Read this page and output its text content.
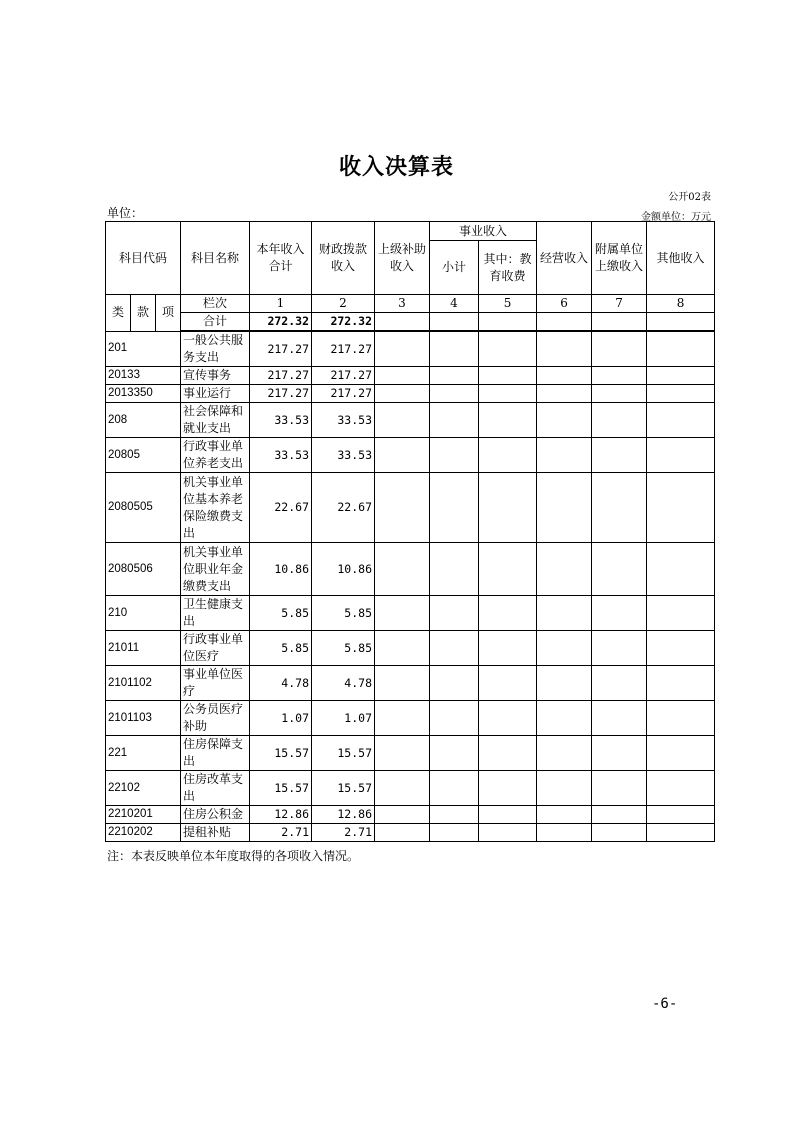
收入决算表
公开02表
单位：	金额单位：万元
科目代码			科目名称	本年收入合计	财政拨款收入	上级补助收入	事业收入		经营收入	附属单位上缴收入	其他收入
							小计	其中：教育收费			
类	款	项	栏次	1	2	3	4	5	6	7	8
			合计	272.32	272.32						
201			一般公共服务支出	217.27	217.27						
20133			宣传事务	217.27	217.27						
2013350			事业运行	217.27	217.27						
208			社会保障和就业支出	33.53	33.53						
20805			行政事业单位养老支出	33.53	33.53						
2080505			机关事业单位基本养老保险缴费支出	22.67	22.67						
2080506			机关事业单位职业年金缴费支出	10.86	10.86						
210			卫生健康支出	5.85	5.85						
21011			行政事业单位医疗	5.85	5.85						
2101102			事业单位医疗	4.78	4.78						
2101103			公务员医疗补助	1.07	1.07						
221			住房保障支出	15.57	15.57						
22102			住房改革支出	15.57	15.57						
2210201			住房公积金	12.86	12.86						
2210202			提租补贴	2.71	2.71						
注：本表反映单位本年度取得的各项收入情况。
-6-
